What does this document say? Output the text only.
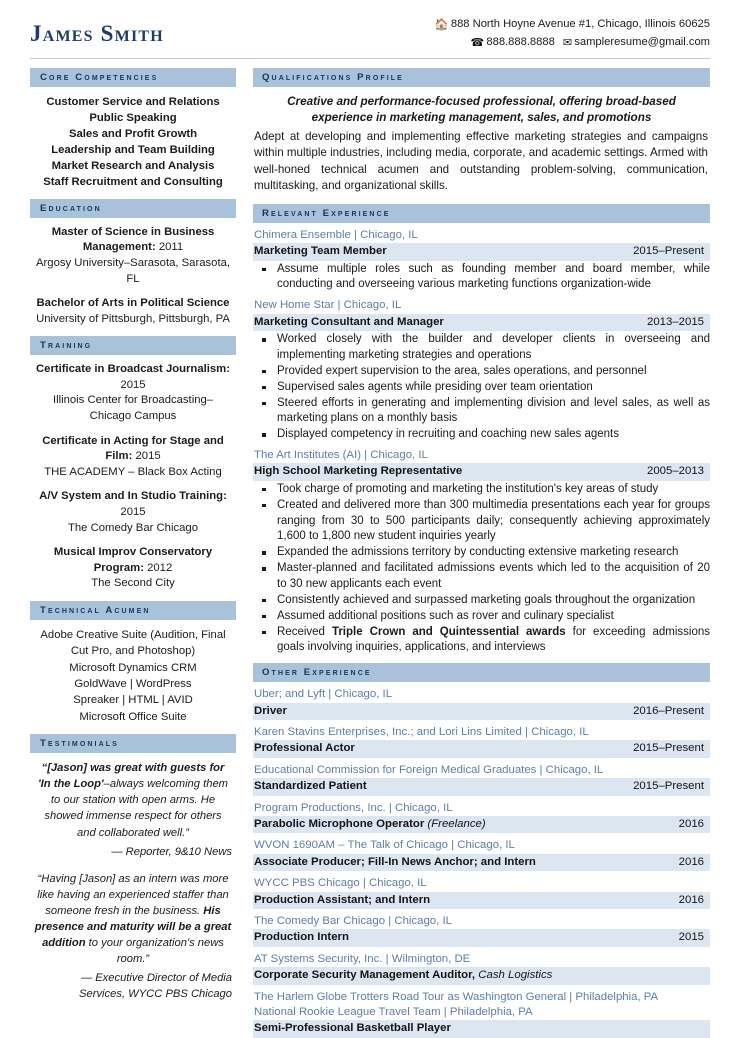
James Smith	🏠 888 North Hoyne Avenue #1, Chicago, Illinois 60625
☎ 888.888.8888 ✉ sampleresume@gmail.com
Core Competencies
Customer Service and Relations
Public Speaking
Sales and Profit Growth
Leadership and Team Building
Market Research and Analysis
Staff Recruitment and Consulting
Education
Master of Science in Business Management: 2011
Argosy University–Sarasota, Sarasota, FL
Bachelor of Arts in Political Science
University of Pittsburgh, Pittsburgh, PA
Training
Certificate in Broadcast Journalism: 2015
Illinois Center for Broadcasting–Chicago Campus
Certificate in Acting for Stage and Film: 2015
THE ACADEMY – Black Box Acting
A/V System and In Studio Training: 2015
The Comedy Bar Chicago
Musical Improv Conservatory Program: 2012
The Second City
Technical Acumen
Adobe Creative Suite (Audition, Final Cut Pro, and Photoshop)
Microsoft Dynamics CRM
GoldWave | WordPress
Spreaker | HTML | AVID
Microsoft Office Suite
Testimonials
“[Jason] was great with guests for 'In the Loop'–always welcoming them to our station with open arms. He showed immense respect for others and collaborated well.”
— Reporter, 9&10 News
“Having [Jason] as an intern was more like having an experienced staffer than someone fresh in the business. His presence and maturity will be a great addition to your organization's news room.”
— Executive Director of Media Services, WYCC PBS Chicago
Qualifications Profile
Creative and performance-focused professional, offering broad-based experience in marketing management, sales, and promotions
Adept at developing and implementing effective marketing strategies and campaigns within multiple industries, including media, corporate, and academic settings. Armed with well-honed technical acumen and outstanding problem-solving, communication, multitasking, and organizational skills.
Relevant Experience
Chimera Ensemble | Chicago, IL
Marketing Team Member	2015–Present
Assume multiple roles such as founding member and board member, while conducting and overseeing various marketing functions organization-wide
New Home Star | Chicago, IL
Marketing Consultant and Manager	2013–2015
Worked closely with the builder and developer clients in overseeing and implementing marketing strategies and operations
Provided expert supervision to the area, sales operations, and personnel
Supervised sales agents while presiding over team orientation
Steered efforts in generating and implementing division and level sales, as well as marketing plans on a monthly basis
Displayed competency in recruiting and coaching new sales agents
The Art Institutes (AI) | Chicago, IL
High School Marketing Representative	2005–2013
Took charge of promoting and marketing the institution's key areas of study
Created and delivered more than 300 multimedia presentations each year for groups ranging from 30 to 500 participants daily; consequently achieving approximately 1,600 to 1,800 new student inquiries yearly
Expanded the admissions territory by conducting extensive marketing research
Master-planned and facilitated admissions events which led to the acquisition of 20 to 30 new applicants each event
Consistently achieved and surpassed marketing goals throughout the organization
Assumed additional positions such as rover and culinary specialist
Received Triple Crown and Quintessential awards for exceeding admissions goals involving inquiries, applications, and interviews
Other Experience
Uber; and Lyft | Chicago, IL
Driver	2016–Present
Karen Stavins Enterprises, Inc.; and Lori Lins Limited | Chicago, IL
Professional Actor	2015–Present
Educational Commission for Foreign Medical Graduates | Chicago, IL
Standardized Patient	2015–Present
Program Productions, Inc. | Chicago, IL
Parabolic Microphone Operator (Freelance)	2016
WVON 1690AM – The Talk of Chicago | Chicago, IL
Associate Producer; Fill-In News Anchor; and Intern	2016
WYCC PBS Chicago | Chicago, IL
Production Assistant; and Intern	2016
The Comedy Bar Chicago | Chicago, IL
Production Intern	2015
AT Systems Security, Inc. | Wilmington, DE
Corporate Security Management Auditor, Cash Logistics
The Harlem Globe Trotters Road Tour as Washington General | Philadelphia, PA
National Rookie League Travel Team | Philadelphia, PA
Semi-Professional Basketball Player
